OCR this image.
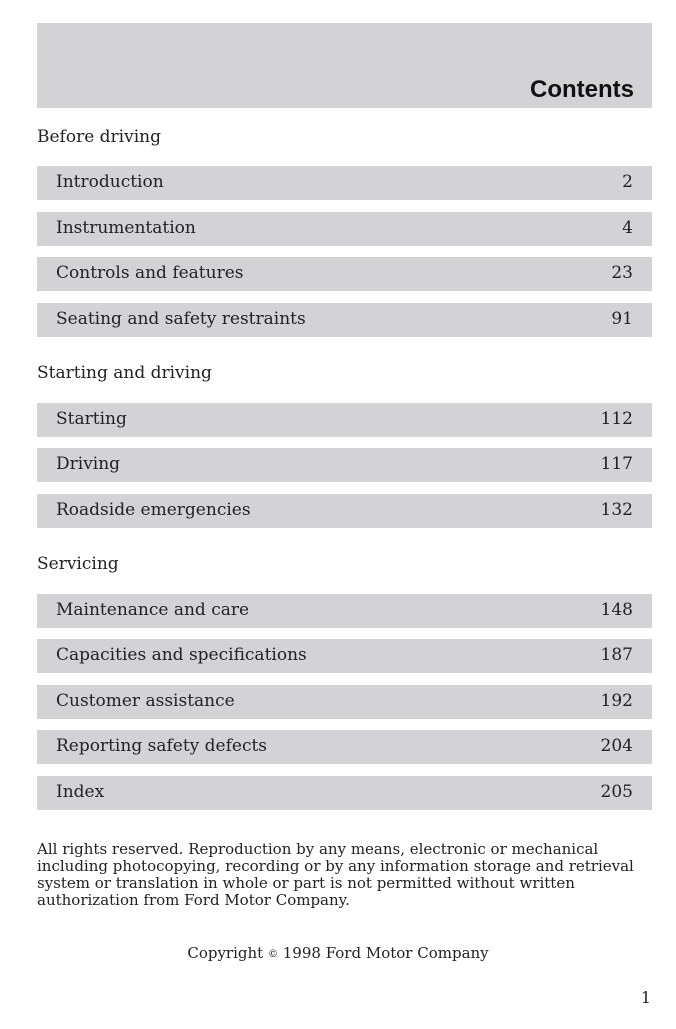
Contents
Before driving
Introduction	2
Instrumentation	4
Controls and features	23
Seating and safety restraints	91
Starting and driving
Starting	112
Driving	117
Roadside emergencies	132
Servicing
Maintenance and care	148
Capacities and specifications	187
Customer assistance	192
Reporting safety defects	204
Index	205
All rights reserved. Reproduction by any means, electronic or mechanical
including photocopying, recording or by any information storage and retrieval
system or translation in whole or part is not permitted without written
authorization from Ford Motor Company.
Copyright © 1998 Ford Motor Company
1
